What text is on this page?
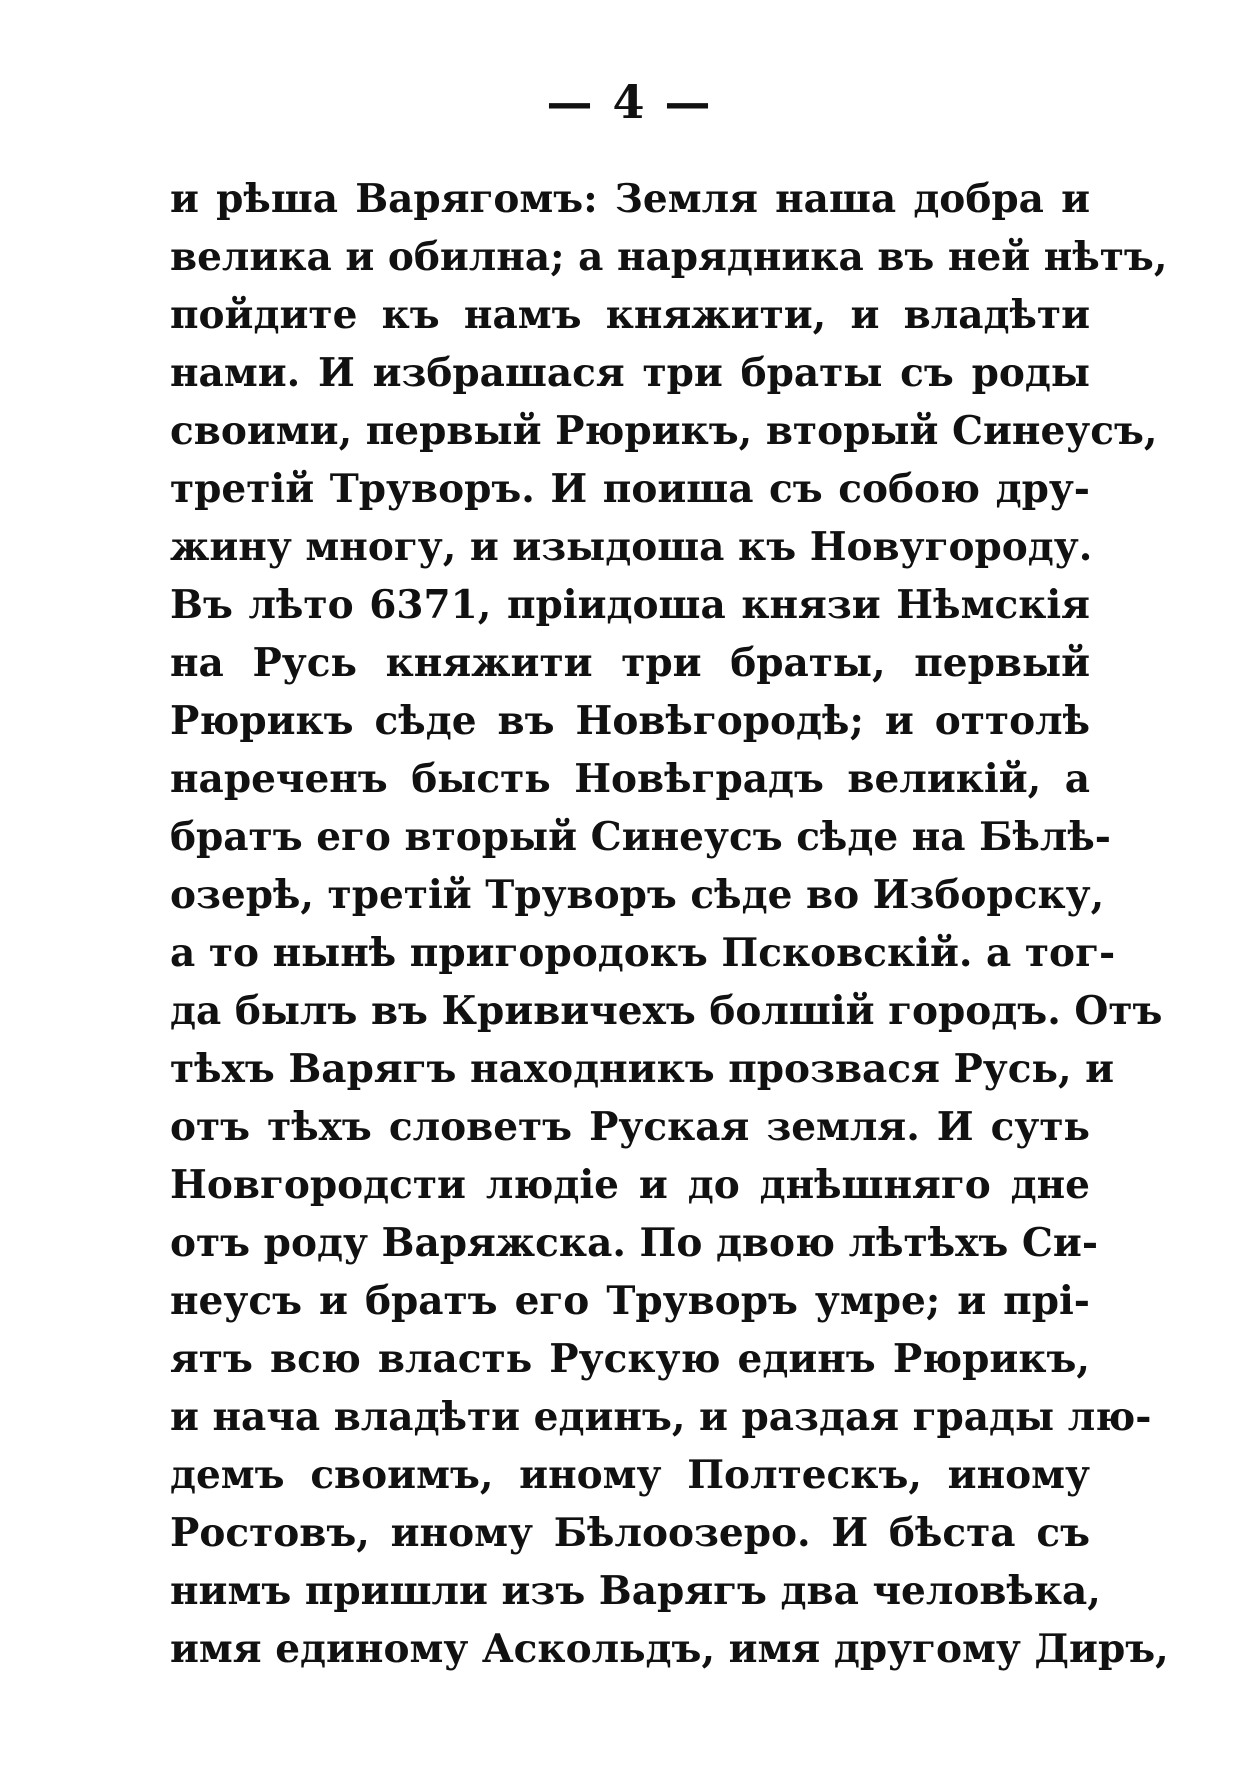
— 4 —
и рѣша Варягомъ: Земля наша добра и
велика и обилна; а нарядника въ ней нѣтъ,
пойдите къ намъ княжити, и владѣти
нами. И избрашася три браты съ роды
своими, первый Рюрикъ, вторый Синеусъ,
третій Труворъ. И поиша съ собою дру-
жину многу, и изыдоша къ Новугороду.
Въ лѣто 6371, пріидоша князи Нѣмскія
на Русь княжити три браты, первый
Рюрикъ сѣде въ Новѣгородѣ; и оттолѣ
нареченъ бысть Новѣградъ великій, а
братъ его вторый Синеусъ сѣде на Бѣлѣ-
озерѣ, третій Труворъ сѣде во Изборску,
а то нынѣ пригородокъ Псковскій. а тог-
да былъ въ Кривичехъ болшій городъ. Отъ
тѣхъ Варягъ находникъ прозвася Русь, и
отъ тѣхъ словетъ Руская земля. И суть
Новгородсти людіе и до днѣшняго дне
отъ роду Варяжска. По двою лѣтѣхъ Си-
неусъ и братъ его Труворъ умре; и прі-
ятъ всю власть Рускую единъ Рюрикъ,
и нача владѣти единъ, и раздая грады лю-
демъ своимъ, иному Полтескъ, иному
Ростовъ, иному Бѣлоозеро. И бѣста съ
нимъ пришли изъ Варягъ два человѣка,
имя единому Аскольдъ, имя другому Диръ,
